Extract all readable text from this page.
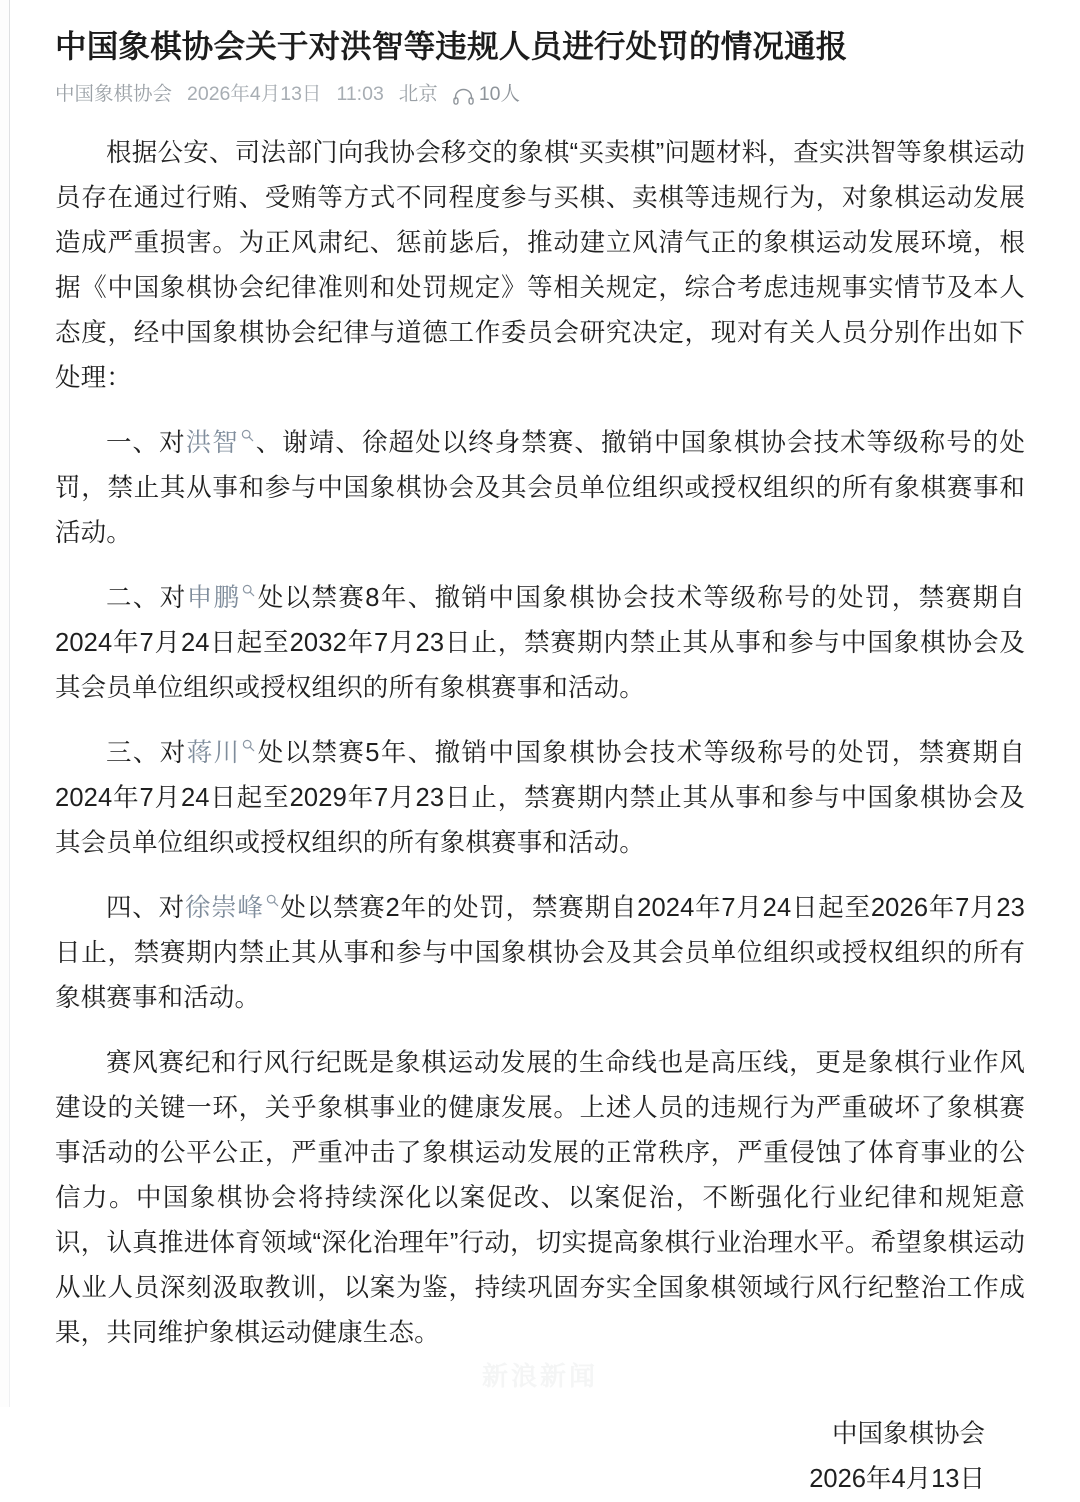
中国象棋协会关于对洪智等违规人员进行处罚的情况通报
中国象棋协会 2026年4月13日 11:03 北京 10人

根据公安、司法部门向我协会移交的象棋“买卖棋”问题材料，查实洪智等象棋运动员存在通过行贿、受贿等方式不同程度参与买棋、卖棋等违规行为，对象棋运动发展造成严重损害。为正风肃纪、惩前毖后，推动建立风清气正的象棋运动发展环境，根据《中国象棋协会纪律准则和处罚规定》等相关规定，综合考虑违规事实情节及本人态度，经中国象棋协会纪律与道德工作委员会研究决定，现对有关人员分别作出如下处理：

一、对洪智 、谢靖、徐超处以终身禁赛、撤销中国象棋协会技术等级称号的处罚，禁止其从事和参与中国象棋协会及其会员单位组织或授权组织的所有象棋赛事和活动。

二、对申鹏 处以禁赛8年、撤销中国象棋协会技术等级称号的处罚，禁赛期自2024年7月24日起至2032年7月23日止，禁赛期内禁止其从事和参与中国象棋协会及其会员单位组织或授权组织的所有象棋赛事和活动。

三、对蒋川 处以禁赛5年、撤销中国象棋协会技术等级称号的处罚，禁赛期自2024年7月24日起至2029年7月23日止，禁赛期内禁止其从事和参与中国象棋协会及其会员单位组织或授权组织的所有象棋赛事和活动。

四、对徐崇峰 处以禁赛2年的处罚，禁赛期自2024年7月24日起至2026年7月23日止，禁赛期内禁止其从事和参与中国象棋协会及其会员单位组织或授权组织的所有象棋赛事和活动。

赛风赛纪和行风行纪既是象棋运动发展的生命线也是高压线，更是象棋行业作风建设的关键一环，关乎象棋事业的健康发展。上述人员的违规行为严重破坏了象棋赛事活动的公平公正，严重冲击了象棋运动发展的正常秩序，严重侵蚀了体育事业的公信力。中国象棋协会将持续深化以案促改、以案促治，不断强化行业纪律和规矩意识，认真推进体育领域“深化治理年”行动，切实提高象棋行业治理水平。希望象棋运动从业人员深刻汲取教训，以案为鉴，持续巩固夯实全国象棋领域行风行纪整治工作成果，共同维护象棋运动健康生态。

中国象棋协会
2026年4月13日
新浪新闻
